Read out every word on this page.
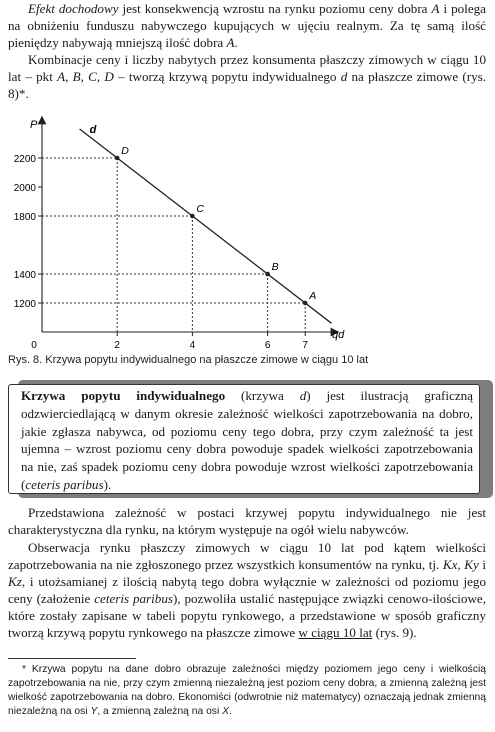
Efekt dochodowy jest konsekwencją wzrostu na rynku poziomu ceny dobra A i polega na obniżeniu funduszu nabywczego kupujących w ujęciu realnym. Za tę samą ilość pieniędzy nabywają mniejszą ilość dobra A.

Kombinacje ceny i liczby nabytych przez konsumenta płaszczy zimowych w ciągu 10 lat – pkt A, B, C, D – tworzą krzywą popytu indywidualnego d na płaszcze zimowe (rys. 8)*.

P
qd
1200
1400
1800
2000
2200
0	2	4	6	7
d
D
C
B
A
Rys. 8. Krzywa popytu indywidualnego na płaszcze zimowe w ciągu 10 lat
Krzywa popytu indywidualnego (krzywa d) jest ilustracją graficzną odzwierciedlającą w danym okresie zależność wielkości zapotrzebowania na dobro, jakie zgłasza nabywca, od poziomu ceny tego dobra, przy czym zależność ta jest ujemna – wzrost poziomu ceny dobra powoduje spadek wielkości zapotrzebowania na nie, zaś spadek poziomu ceny dobra powoduje wzrost wielkości zapotrzebowania (ceteris paribus).

Przedstawiona zależność w postaci krzywej popytu indywidualnego nie jest charakterystyczna dla rynku, na którym występuje na ogół wielu nabywców.

Obserwacja rynku płaszczy zimowych w ciągu 10 lat pod kątem wielkości zapotrzebowania na nie zgłoszonego przez wszystkich konsumentów na rynku, tj. Kx, Ky i Kz, i utożsamianej z ilością nabytą tego dobra wyłącznie w zależności od poziomu jego ceny (założenie ceteris paribus), pozwoliła ustalić następujące związki cenowo-ilościowe, które zostały zapisane w tabeli popytu rynkowego, a przedstawione w sposób graficzny tworzą krzywą popytu rynkowego na płaszcze zimowe w ciągu 10 lat (rys. 9).

* Krzywa popytu na dane dobro obrazuje zależności między poziomem jego ceny i wielkością zapotrzebowania na nie, przy czym zmienną niezależną jest poziom ceny dobra, a zmienną zależną jest wielkość zapotrzebowania na dobro. Ekonomiści (odwrotnie niż matematycy) oznaczają jednak zmienną niezależną na osi Y, a zmienną zależną na osi X.
